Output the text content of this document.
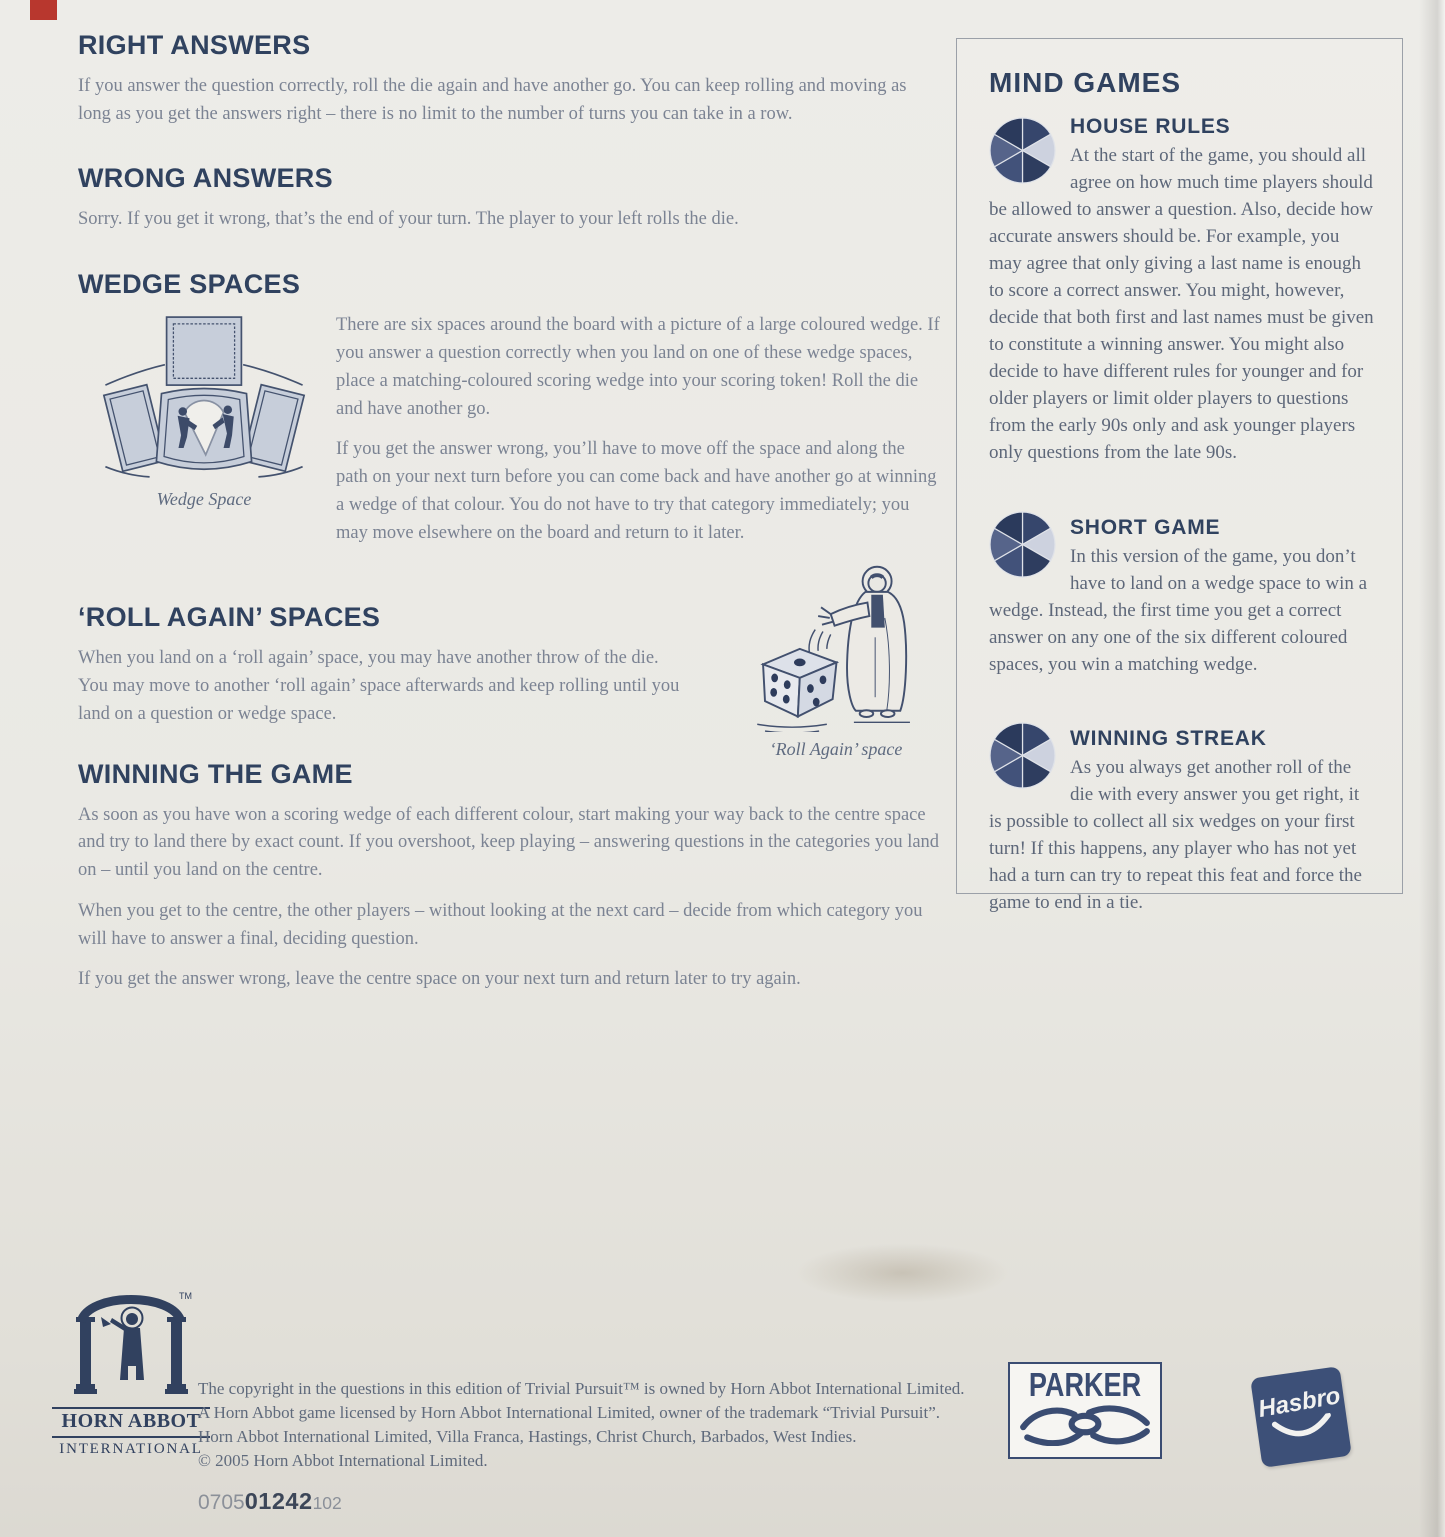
RIGHT ANSWERS

If you answer the question correctly, roll the die again and have another go. You can keep rolling and moving as long as you get the answers right – there is no limit to the number of turns you can take in a row.

WRONG ANSWERS

Sorry. If you get it wrong, that’s the end of your turn. The player to your left rolls the die.

WEDGE SPACES
Wedge Space

There are six spaces around the board with a picture of a large coloured wedge. If you answer a question correctly when you land on one of these wedge spaces, place a matching-coloured scoring wedge into your scoring token! Roll the die and have another go.

If you get the answer wrong, you’ll have to move off the space and along the path on your next turn before you can come back and have another go at winning a wedge of that colour. You do not have to try that category immediately; you may move elsewhere on the board and return to it later.

‘ROLL AGAIN’ SPACES

When you land on a ‘roll again’ space, you may have another throw of the die. You may move to another ‘roll again’ space afterwards and keep rolling until you land on a question or wedge space.

‘Roll Again’ space
WINNING THE GAME

As soon as you have won a scoring wedge of each different colour, start making your way back to the centre space and try to land there by exact count. If you overshoot, keep playing – answering questions in the categories you land on – until you land on the centre.

When you get to the centre, the other players – without looking at the next card – decide from which category you will have to answer a final, deciding question.

If you get the answer wrong, leave the centre space on your next turn and return later to try again.

MIND GAMES
HOUSE RULES

At the start of the game, you should all agree on how much time players should be allowed to answer a question. Also, decide how accurate answers should be. For example, you may agree that only giving a last name is enough to score a correct answer. You might, however, decide that both first and last names must be given to constitute a winning answer. You might also decide to have different rules for younger and for older players or limit older players to questions from the early 90s only and ask younger players only questions from the late 90s.

SHORT GAME

In this version of the game, you don’t have to land on a wedge space to win a wedge. Instead, the first time you get a correct answer on any one of the six different coloured spaces, you win a matching wedge.

WINNING STREAK

As you always get another roll of the die with every answer you get right, it is possible to collect all six wedges on your first turn! If this happens, any player who has not yet had a turn can try to repeat this feat and force the game to end in a tie.

TM
HORN ABBOT
INTERNATIONAL
The copyright in the questions in this edition of Trivial Pursuit™ is owned by Horn Abbot International Limited.
A Horn Abbot game licensed by Horn Abbot International Limited, owner of the trademark “Trivial Pursuit”.
Horn Abbot International Limited, Villa Franca, Hastings, Christ Church, Barbados, West Indies.
© 2005 Horn Abbot International Limited.
0705 01242 102
PARKER	Hasbro
